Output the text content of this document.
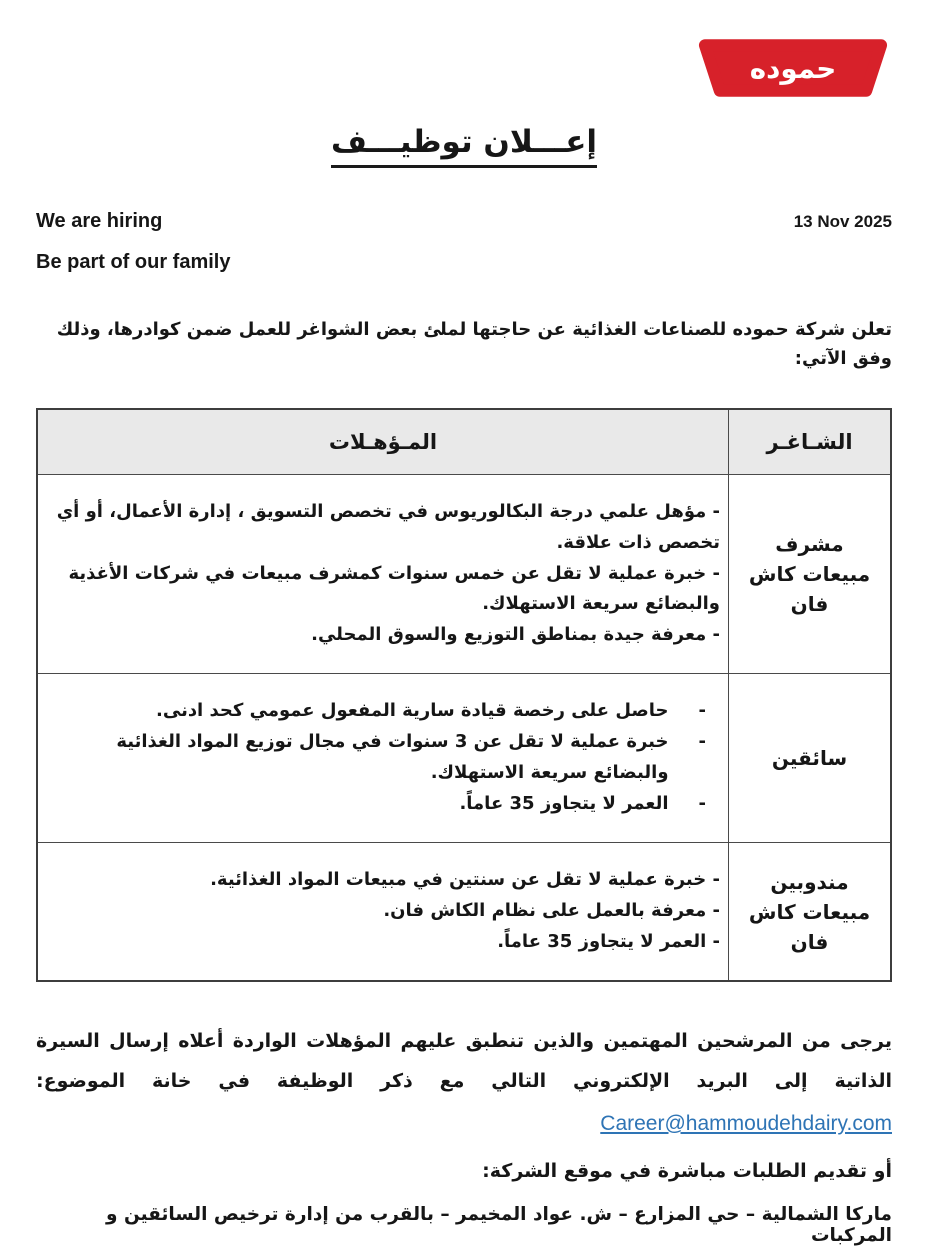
حموده
إعـــلان توظيـــف
We are hiring	13 Nov 2025
Be part of our family

تعلن شركة حموده للصناعات الغذائية عن حاجتها لملئ بعض الشواغر للعمل ضمن كوادرها، وذلك وفق الآتي:

الشـاغـر	المـؤهـلات
مشرف مبيعات كاش فان	
- مؤهل علمي درجة البكالوريوس في تخصص التسويق ، إدارة الأعمال، أو أي تخصص ذات علاقة.
- خبرة عملية لا تقل عن خمس سنوات كمشرف مبيعات في شركات الأغذية والبضائع سريعة الاستهلاك.
- معرفة جيدة بمناطق التوزيع والسوق المحلي.

سائقين	
-
حاصل على رخصة قيادة سارية المفعول عمومي كحد ادنى.
-
خبرة عملية لا تقل عن 3 سنوات في مجال توزيع المواد الغذائية والبضائع سريعة الاستهلاك.
-
العمر لا يتجاوز 35 عاماً.

مندوبين مبيعات كاش فان	
- خبرة عملية لا تقل عن سنتين في مبيعات المواد الغذائية.
- معرفة بالعمل على نظام الكاش فان.
- العمر لا يتجاوز 35 عاماً.

يرجى من المرشحين المهتمين والذين تنطبق عليهم المؤهلات الواردة أعلاه إرسال السيرة الذاتية إلى البريد الإلكتروني التالي مع ذكر الوظيفة في خانة الموضوع: Career@hammoudehdairy.com

أو تقديم الطلبات مباشرة في موقع الشركة:

ماركا الشمالية – حي المزارع – ش. عواد المخيمر – بالقرب من إدارة ترخيص السائقين و المركبات
